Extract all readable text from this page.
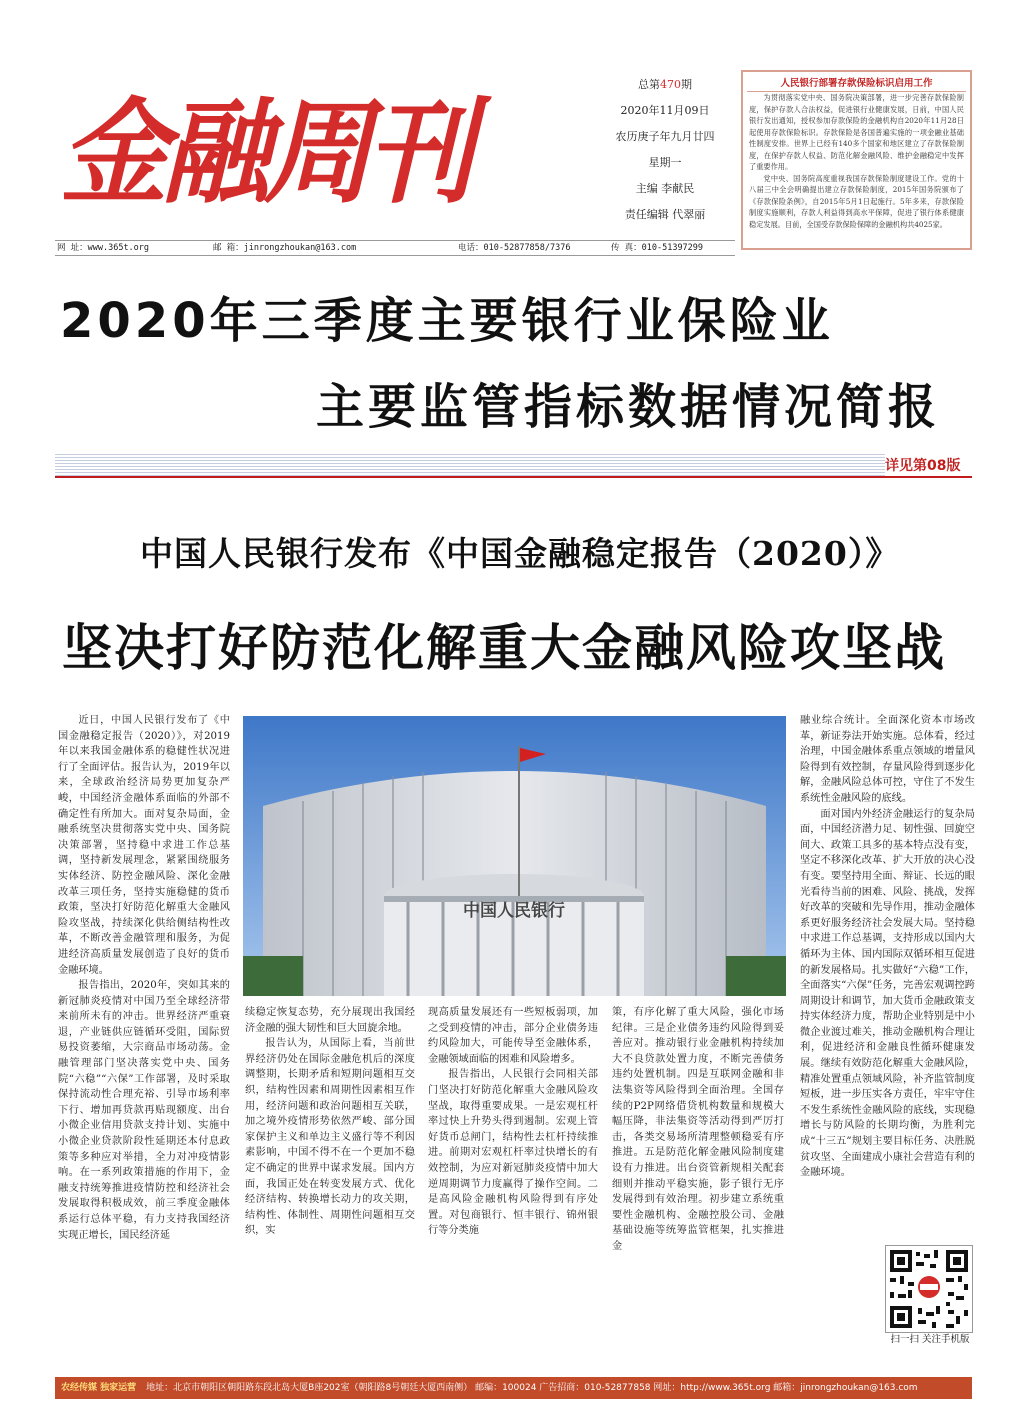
金融周刊
总第470期
2020年11月09日
农历庚子年九月廿四
星期一
主编 李献民
责任编辑 代翠丽
人民银行部署存款保险标识启用工作

为贯彻落实党中央、国务院决策部署，进一步完善存款保险制度，保护存款人合法权益，促进银行业健康发展，日前，中国人民银行发出通知，授权参加存款保险的金融机构自2020年11月28日起使用存款保险标识。存款保险是各国普遍实施的一项金融业基础性制度安排。世界上已经有140多个国家和地区建立了存款保险制度，在保护存款人权益、防范化解金融风险、维护金融稳定中发挥了重要作用。

党中央、国务院高度重视我国存款保险制度建设工作。党的十八届三中全会明确提出建立存款保险制度，2015年国务院颁布了《存款保险条例》，自2015年5月1日起施行。5年多来，存款保险制度实施顺利，存款人利益得到高水平保障，促进了银行体系健康稳定发展。目前，全国受存款保险保障的金融机构共4025家。

网 址：www.365t.org	邮 箱：jinrongzhoukan@163.com	电话：010-52877858/7376	传 真：010-51397299
2020年三季度主要银行业保险业
主要监管指标数据情况简报
详见第08版
中国人民银行发布《中国金融稳定报告（2020）》
坚决打好防范化解重大金融风险攻坚战
中国人民银行

近日，中国人民银行发布了《中国金融稳定报告（2020）》，对2019年以来我国金融体系的稳健性状况进行了全面评估。报告认为，2019年以来，全球政治经济局势更加复杂严峻，中国经济金融体系面临的外部不确定性有所加大。面对复杂局面，金融系统坚决贯彻落实党中央、国务院决策部署，坚持稳中求进工作总基调，坚持新发展理念，紧紧围绕服务实体经济、防控金融风险、深化金融改革三项任务，坚持实施稳健的货币政策，坚决打好防范化解重大金融风险攻坚战，持续深化供给侧结构性改革，不断改善金融管理和服务，为促进经济高质量发展创造了良好的货币金融环境。

报告指出，2020年，突如其来的新冠肺炎疫情对中国乃至全球经济带来前所未有的冲击。世界经济严重衰退，产业链供应链循环受阻，国际贸易投资萎缩，大宗商品市场动荡。金融管理部门坚决落实党中央、国务院“六稳”“六保”工作部署，及时采取保持流动性合理充裕、引导市场利率下行、增加再贷款再贴现额度、出台小微企业信用贷款支持计划、实施中小微企业贷款阶段性延期还本付息政策等多种应对举措，全力对冲疫情影响。在一系列政策措施的作用下，金融支持统筹推进疫情防控和经济社会发展取得积极成效，前三季度金融体系运行总体平稳，有力支持我国经济实现正增长，国民经济延

续稳定恢复态势，充分展现出我国经济金融的强大韧性和巨大回旋余地。

报告认为，从国际上看，当前世界经济仍处在国际金融危机后的深度调整期，长期矛盾和短期问题相互交织，结构性因素和周期性因素相互作用，经济问题和政治问题相互关联，加之境外疫情形势依然严峻、部分国家保护主义和单边主义盛行等不利因素影响，中国不得不在一个更加不稳定不确定的世界中谋求发展。国内方面，我国正处在转变发展方式、优化经济结构、转换增长动力的攻关期，结构性、体制性、周期性问题相互交织，实

现高质量发展还有一些短板弱项，加之受到疫情的冲击，部分企业债务违约风险加大，可能传导至金融体系，金融领域面临的困难和风险增多。

报告指出，人民银行会同相关部门坚决打好防范化解重大金融风险攻坚战，取得重要成果。一是宏观杠杆率过快上升势头得到遏制。宏观上管好货币总闸门，结构性去杠杆持续推进。前期对宏观杠杆率过快增长的有效控制，为应对新冠肺炎疫情中加大逆周期调节力度赢得了操作空间。二是高风险金融机构风险得到有序处置。对包商银行、恒丰银行、锦州银行等分类施

策，有序化解了重大风险，强化市场纪律。三是企业债务违约风险得到妥善应对。推动银行业金融机构持续加大不良贷款处置力度，不断完善债务违约处置机制。四是互联网金融和非法集资等风险得到全面治理。全国存续的P2P网络借贷机构数量和规模大幅压降，非法集资等活动得到严厉打击，各类交易场所清理整顿稳妥有序推进。五是防范化解金融风险制度建设有力推进。出台资管新规相关配套细则并推动平稳实施，影子银行无序发展得到有效治理。初步建立系统重要性金融机构、金融控股公司、金融基础设施等统筹监管框架，扎实推进金

融业综合统计。全面深化资本市场改革，新证券法开始实施。总体看，经过治理，中国金融体系重点领域的增量风险得到有效控制，存量风险得到逐步化解，金融风险总体可控，守住了不发生系统性金融风险的底线。

面对国内外经济金融运行的复杂局面，中国经济潜力足、韧性强、回旋空间大、政策工具多的基本特点没有变，坚定不移深化改革、扩大开放的决心没有变。要坚持用全面、辩证、长远的眼光看待当前的困难、风险、挑战，发挥好改革的突破和先导作用，推动金融体系更好服务经济社会发展大局。坚持稳中求进工作总基调，支持形成以国内大循环为主体、国内国际双循环相互促进的新发展格局。扎实做好“六稳”工作，全面落实“六保”任务，完善宏观调控跨周期设计和调节，加大货币金融政策支持实体经济力度，帮助企业特别是中小微企业渡过难关，推动金融机构合理让利，促进经济和金融良性循环健康发展。继续有效防范化解重大金融风险，精准处置重点领域风险，补齐监管制度短板，进一步压实各方责任，牢牢守住不发生系统性金融风险的底线，实现稳增长与防风险的长期均衡，为胜利完成“十三五”规划主要目标任务、决胜脱贫攻坚、全面建成小康社会营造有利的金融环境。

扫一扫 关注手机版
农经传媒 独家运营 地址：北京市朝阳区朝阳路东段北岛大厦B座202室（朝阳路8号朝廷大厦西南侧） 邮编：100024 广告招商：010-52877858 网址：http://www.365t.org 邮箱：jinrongzhoukan@163.com
